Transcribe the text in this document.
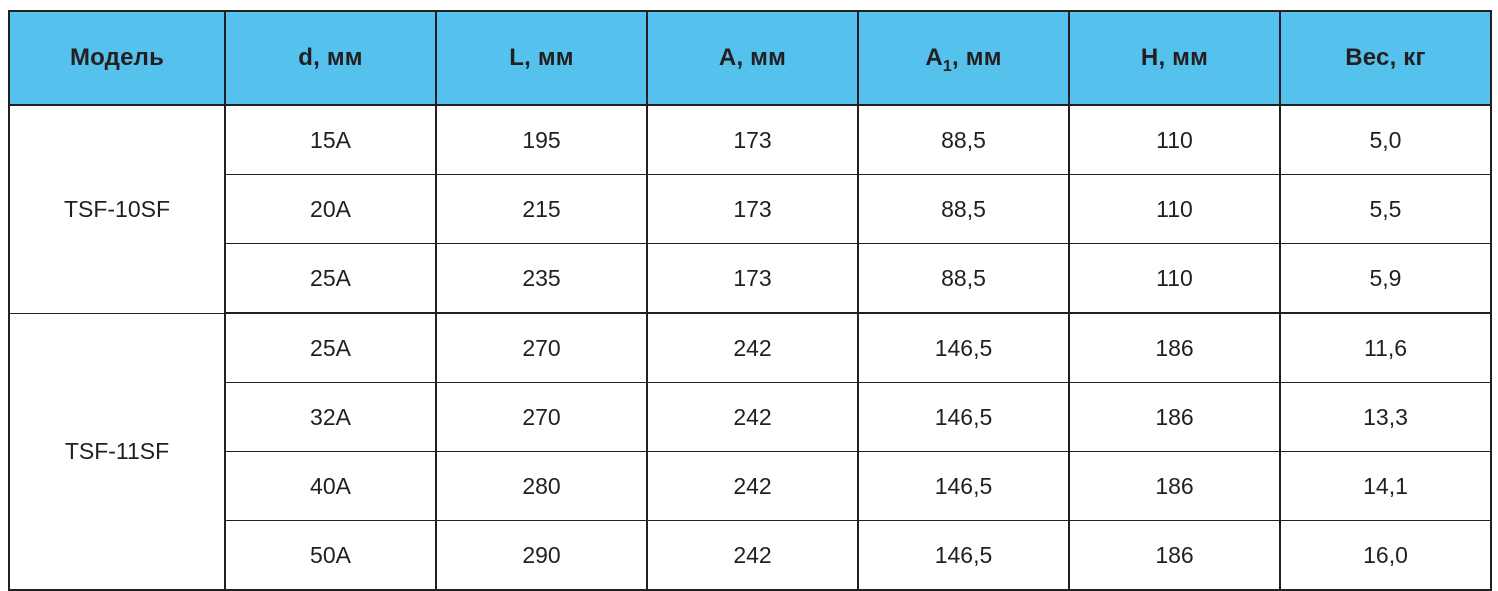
Модель	d, мм	L, мм	A, мм	$A_1$, мм	H, мм	Вес, кг
TSF-10SF	15A	195	173	88,5	110	5,0
	20A	215	173	88,5	110	5,5
	25A	235	173	88,5	110	5,9
TSF-11SF	25A	270	242	146,5	186	11,6
	32A	270	242	146,5	186	13,3
	40A	280	242	146,5	186	14,1
	50A	290	242	146,5	186	16,0
